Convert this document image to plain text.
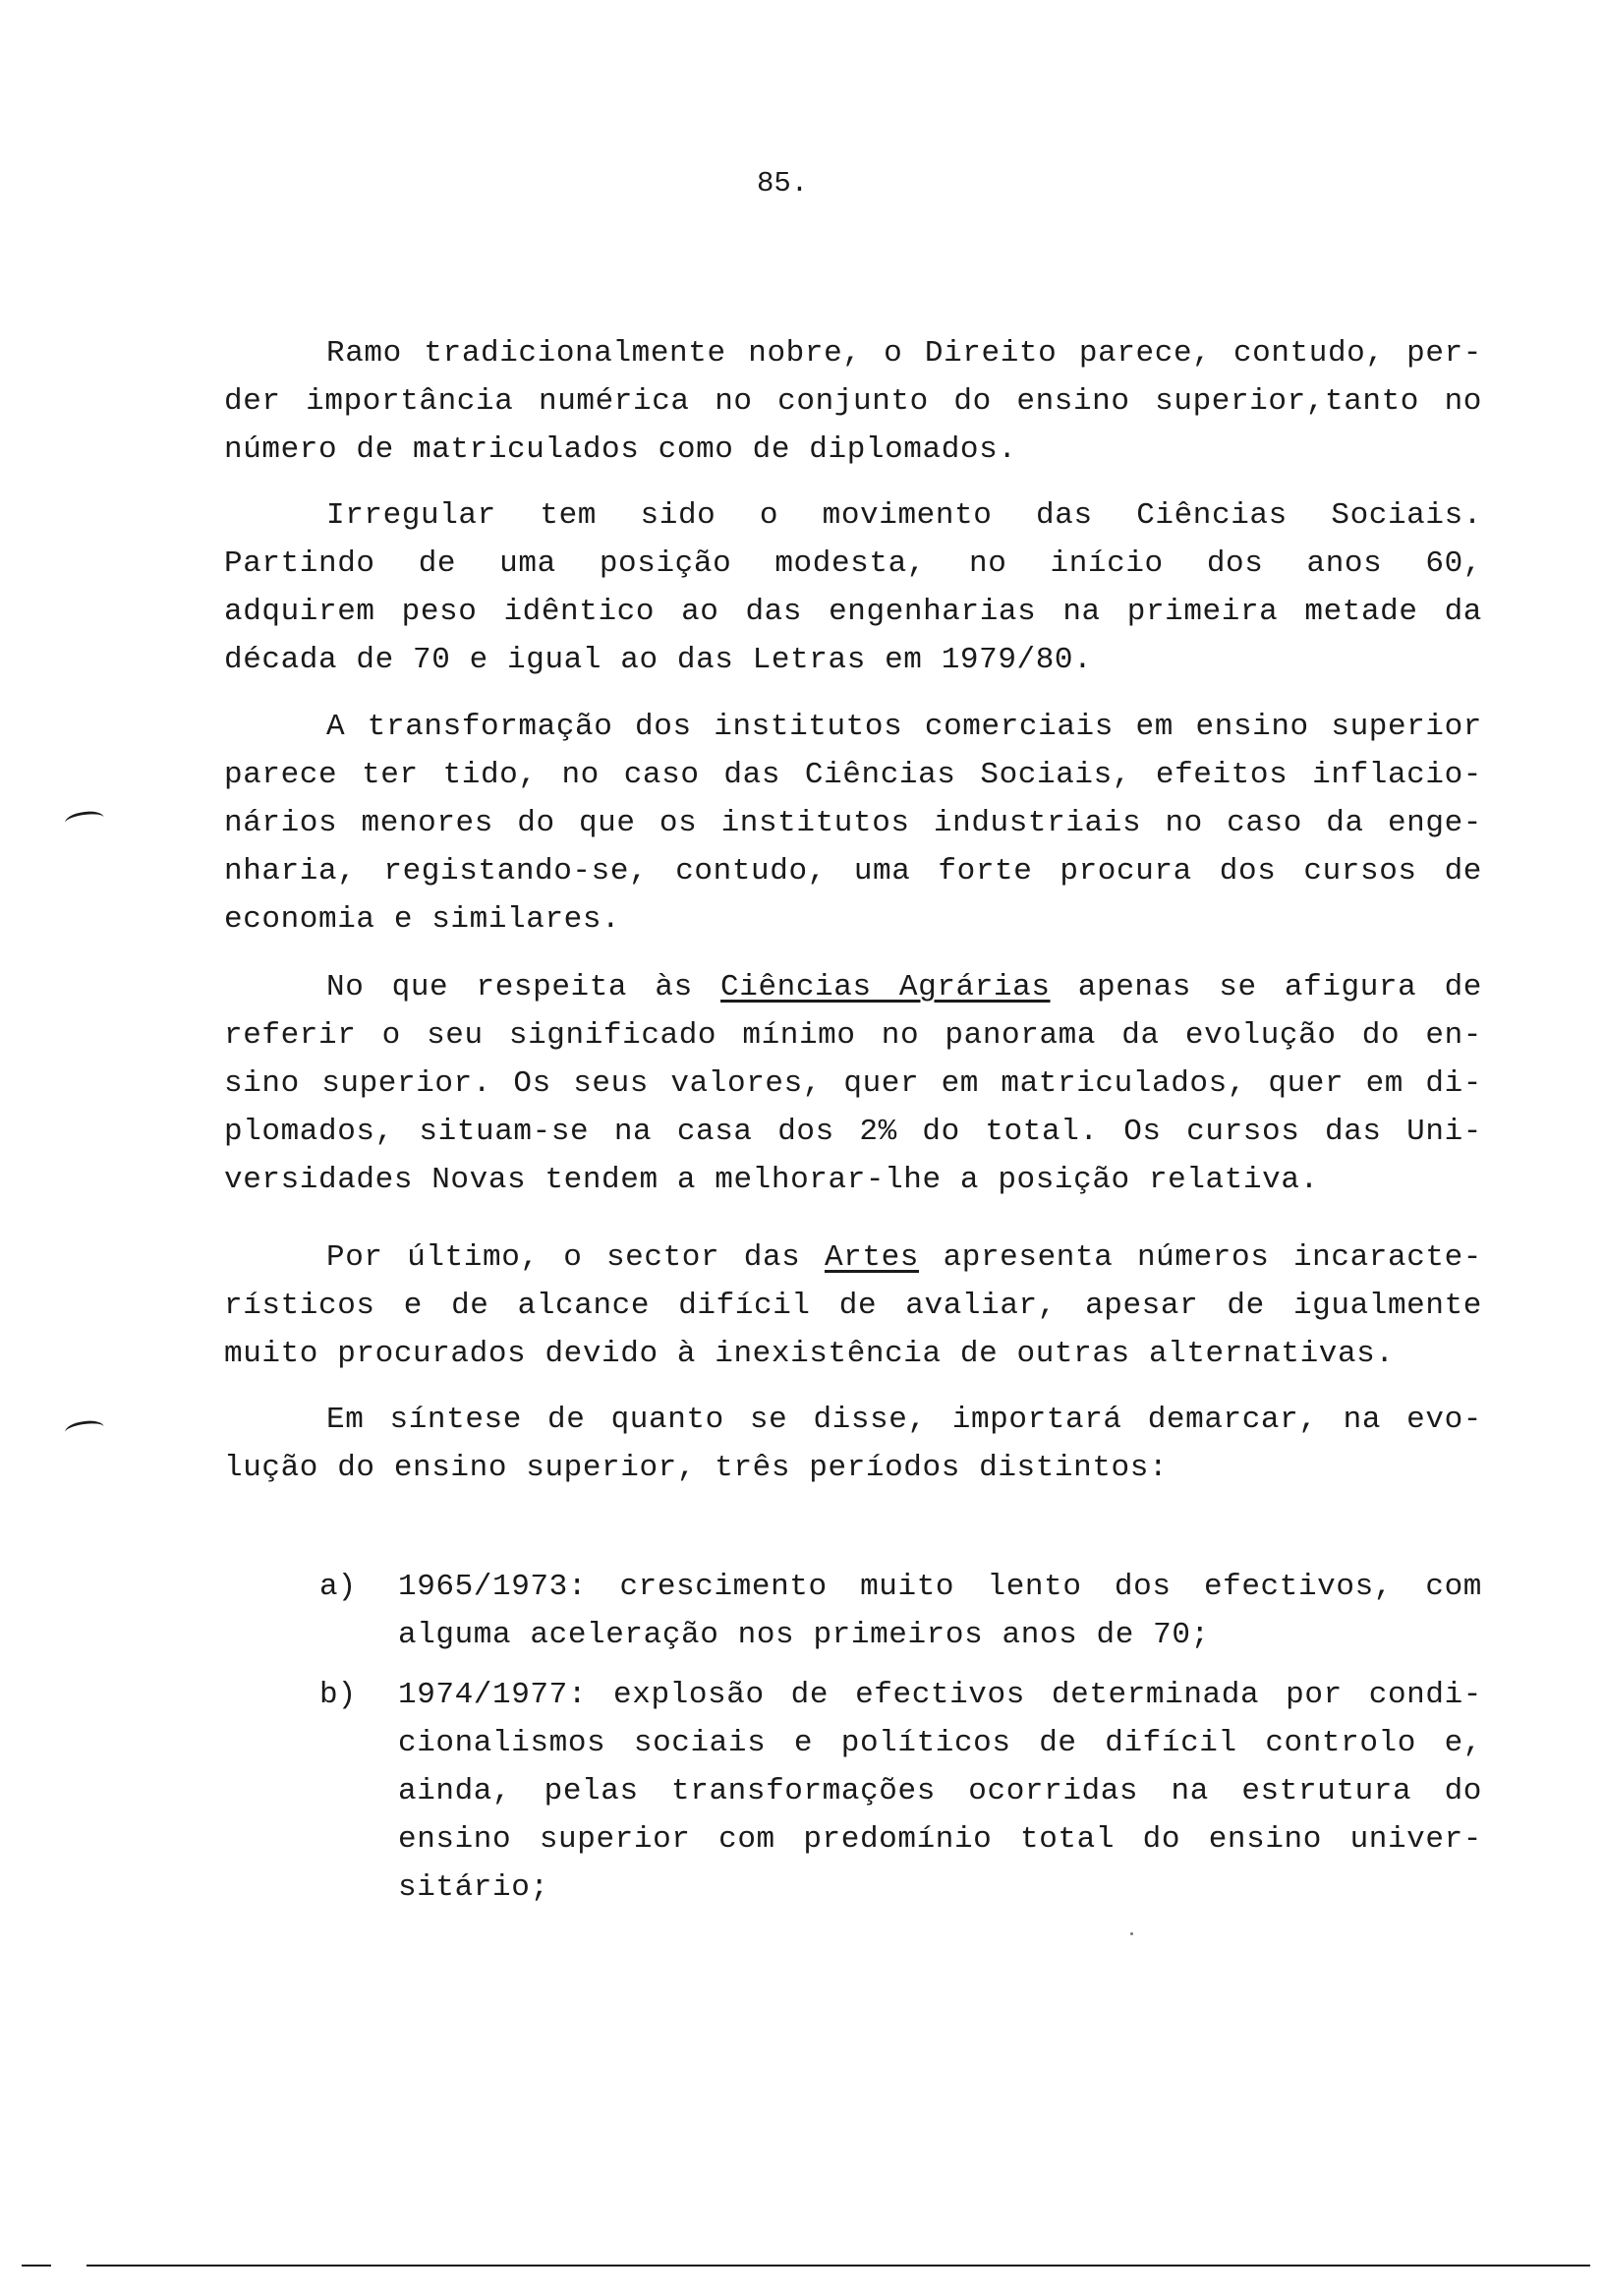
85.
Ramo tradicionalmente nobre, o Direito parece, contudo, per-
der importância numérica no conjunto do ensino superior,tanto no
número de matriculados como de diplomados.
Irregular tem sido o movimento das Ciências Sociais.
Partindo de uma posição modesta, no início dos anos 60,
adquirem peso idêntico ao das engenharias na primeira metade da
década de 70 e igual ao das Letras em 1979/80.
A transformação dos institutos comerciais em ensino superior
parece ter tido, no caso das Ciências Sociais, efeitos inflacio-
nários menores do que os institutos industriais no caso da enge-
nharia, registando-se, contudo, uma forte procura dos cursos de
economia e similares.
No que respeita às Ciências Agrárias apenas se afigura de
referir o seu significado mínimo no panorama da evolução do en-
sino superior. Os seus valores, quer em matriculados, quer em di-
plomados, situam-se na casa dos 2% do total. Os cursos das Uni-
versidades Novas tendem a melhorar-lhe a posição relativa.
Por último, o sector das Artes apresenta números incaracte-
rísticos e de alcance difícil de avaliar, apesar de igualmente
muito procurados devido à inexistência de outras alternativas.
Em síntese de quanto se disse, importará demarcar, na evo-
lução do ensino superior, três períodos distintos:
a) 1965/1973: crescimento muito lento dos efectivos, com
alguma aceleração nos primeiros anos de 70;
b) 1974/1977: explosão de efectivos determinada por condi-
cionalismos sociais e políticos de difícil controlo e,
ainda, pelas transformações ocorridas na estrutura do
ensino superior com predomínio total do ensino univer-
sitário;
